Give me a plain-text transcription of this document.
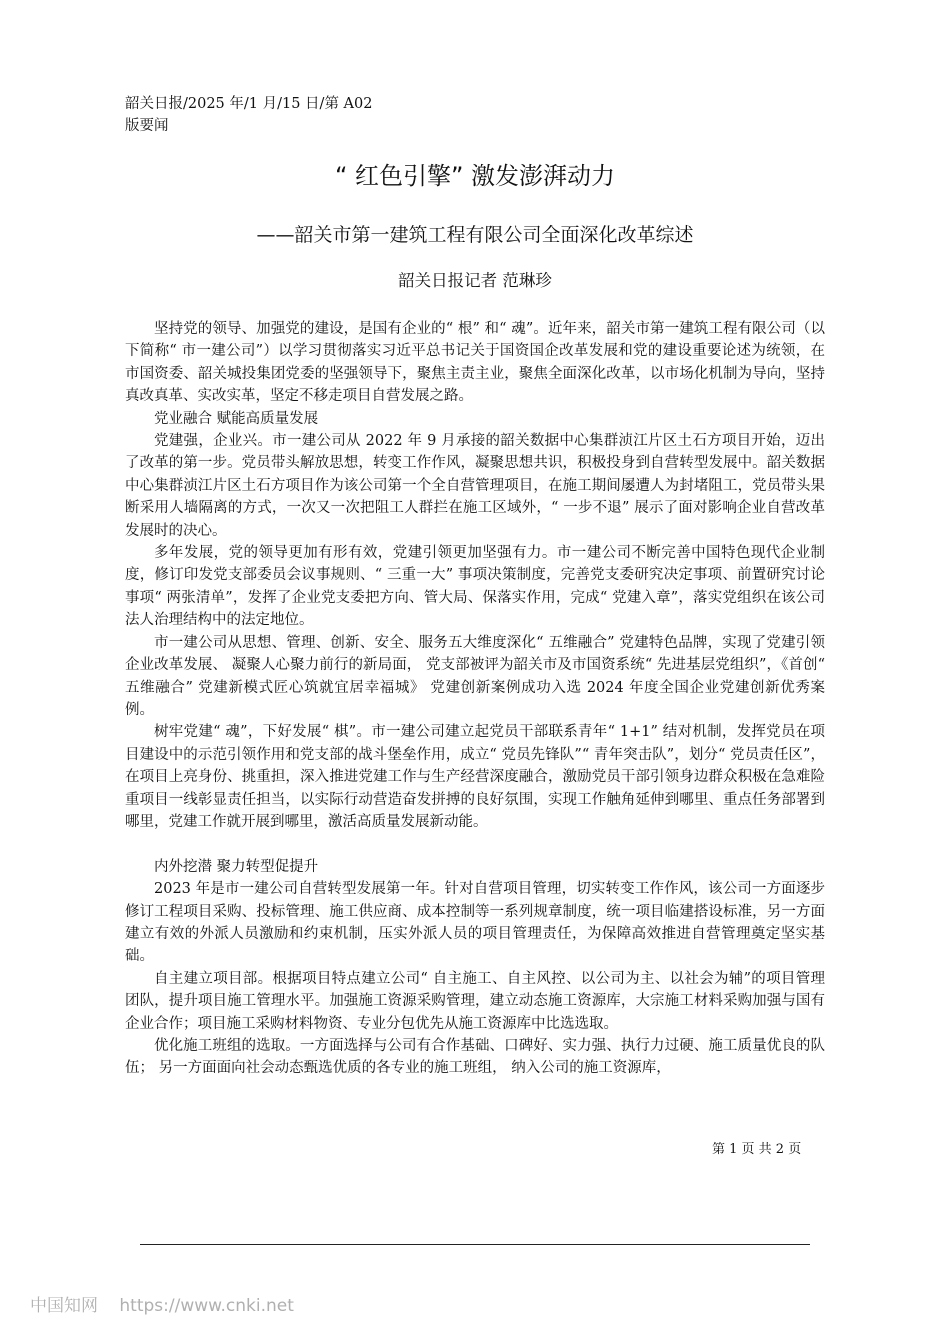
韶关日报/2025 年/1 月/15 日/第 A02
版要闻
“ 红色引擎” 激发澎湃动力
——韶关市第一建筑工程有限公司全面深化改革综述
韶关日报记者 范琳珍

坚持党的领导、加强党的建设，是国有企业的“ 根” 和“ 魂”。近年来，韶关市第一建筑工程有限公司（以下简称“ 市一建公司”）以学习贯彻落实习近平总书记关于国资国企改革发展和党的建设重要论述为统领，在市国资委、韶关城投集团党委的坚强领导下，聚焦主责主业，聚焦全面深化改革，以市场化机制为导向，坚持真改真革、实改实革，坚定不移走项目自营发展之路。

党业融合 赋能高质量发展

党建强，企业兴。市一建公司从 2022 年 9 月承接的韶关数据中心集群浈江片区土石方项目开始，迈出了改革的第一步。党员带头解放思想，转变工作作风，凝聚思想共识，积极投身到自营转型发展中。韶关数据中心集群浈江片区土石方项目作为该公司第一个全自营管理项目，在施工期间屡遭人为封堵阻工，党员带头果断采用人墙隔离的方式，一次又一次把阻工人群拦在施工区域外，“ 一步不退” 展示了面对影响企业自营改革发展时的决心。

多年发展，党的领导更加有形有效，党建引领更加坚强有力。市一建公司不断完善中国特色现代企业制度，修订印发党支部委员会议事规则、“ 三重一大” 事项决策制度，完善党支委研究决定事项、前置研究讨论事项“ 两张清单”，发挥了企业党支委把方向、管大局、保落实作用，完成“ 党建入章”，落实党组织在该公司法人治理结构中的法定地位。

市一建公司从思想、管理、创新、安全、服务五大维度深化“ 五维融合” 党建特色品牌，实现了党建引领企业改革发展、 凝聚人心聚力前行的新局面， 党支部被评为韶关市及市国资系统“ 先进基层党组织”，《首创“ 五维融合” 党建新模式匠心筑就宜居幸福城》 党建创新案例成功入选 2024 年度全国企业党建创新优秀案例。

树牢党建“ 魂”，下好发展“ 棋”。市一建公司建立起党员干部联系青年“ 1+1” 结对机制，发挥党员在项目建设中的示范引领作用和党支部的战斗堡垒作用，成立“ 党员先锋队”“ 青年突击队”，划分“ 党员责任区”，在项目上亮身份、挑重担，深入推进党建工作与生产经营深度融合，激励党员干部引领身边群众积极在急难险重项目一线彰显责任担当，以实际行动营造奋发拼搏的良好氛围，实现工作触角延伸到哪里、重点任务部署到哪里，党建工作就开展到哪里，激活高质量发展新动能。

内外挖潜 聚力转型促提升

2023 年是市一建公司自营转型发展第一年。针对自营项目管理，切实转变工作作风，该公司一方面逐步修订工程项目采购、投标管理、施工供应商、成本控制等一系列规章制度，统一项目临建搭设标准，另一方面建立有效的外派人员激励和约束机制，压实外派人员的项目管理责任，为保障高效推进自营管理奠定坚实基础。

自主建立项目部。根据项目特点建立公司“ 自主施工、自主风控、以公司为主、以社会为辅”的项目管理团队，提升项目施工管理水平。加强施工资源采购管理，建立动态施工资源库，大宗施工材料采购加强与国有企业合作；项目施工采购材料物资、专业分包优先从施工资源库中比选选取。

优化施工班组的选取。一方面选择与公司有合作基础、口碑好、实力强、执行力过硬、施工质量优良的队伍； 另一方面面向社会动态甄选优质的各专业的施工班组， 纳入公司的施工资源库，

第 1 页 共 2 页
中国知网 https://www.cnki.net
